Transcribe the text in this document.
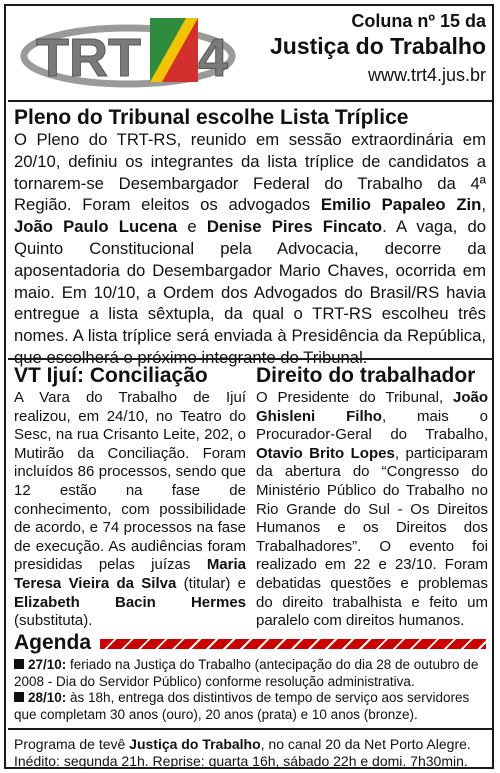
TRT 4
Coluna nº 15 da
Justiça do Trabalho
www.trt4.jus.br
Pleno do Tribunal escolhe Lista Tríplice

O Pleno do TRT-RS, reunido em sessão extraordinária em 20/10, definiu os integrantes da lista tríplice de candidatos a tornarem-se Desembargador Federal do Trabalho da 4ª Região. Foram eleitos os advogados Emilio Papaleo Zin, João Paulo Lucena e Denise Pires Fincato. A vaga, do Quinto Constitucional pela Advocacia, decorre da aposentadoria do Desembargador Mario Chaves, ocorrida em maio. Em 10/10, a Ordem dos Advogados do Brasil/RS havia entregue a lista sêxtupla, da qual o TRT-RS escolheu três nomes. A lista tríplice será enviada à Presidência da República,

VT Ijuí: Conciliação

A Vara do Trabalho de Ijuí realizou, em 24/10, no Teatro do Sesc, na rua Crisanto Leite, 202, o Mutirão da Conciliação. Foram incluídos 86 processos, sendo que 12 estão na fase de conhecimento, com possibilidade de acordo, e 74 processos na fase de execução. As audiências foram presididas pelas juízas Maria Teresa Vieira da Silva (titular) e Elizabeth Bacin Hermes (substituta).

Direito do trabalhador

O Presidente do Tribunal, João Ghisleni Filho, mais o Procurador-Geral do Trabalho, Otavio Brito Lopes, participaram da abertura do “Congresso do Ministério Público do Trabalho no Rio Grande do Sul - Os Direitos Humanos e os Direitos dos Trabalhadores”. O evento foi realizado em 22 e 23/10. Foram debatidas questões e problemas do direito trabalhista e feito um paralelo com direitos humanos.

Agenda

27/10: feriado na Justiça do Trabalho (antecipação do dia 28 de outubro de 2008 - Dia do Servidor Público) conforme resolução administrativa.

28/10: às 18h, entrega dos distintivos de tempo de serviço aos servidores que completam 30 anos (ouro), 20 anos (prata) e 10 anos (bronze).

Programa de tevê Justiça do Trabalho, no canal 20 da Net Porto Alegre. Inédito: segunda 21h. Reprise: quarta 16h, sábado 22h e domi. 7h30min.
